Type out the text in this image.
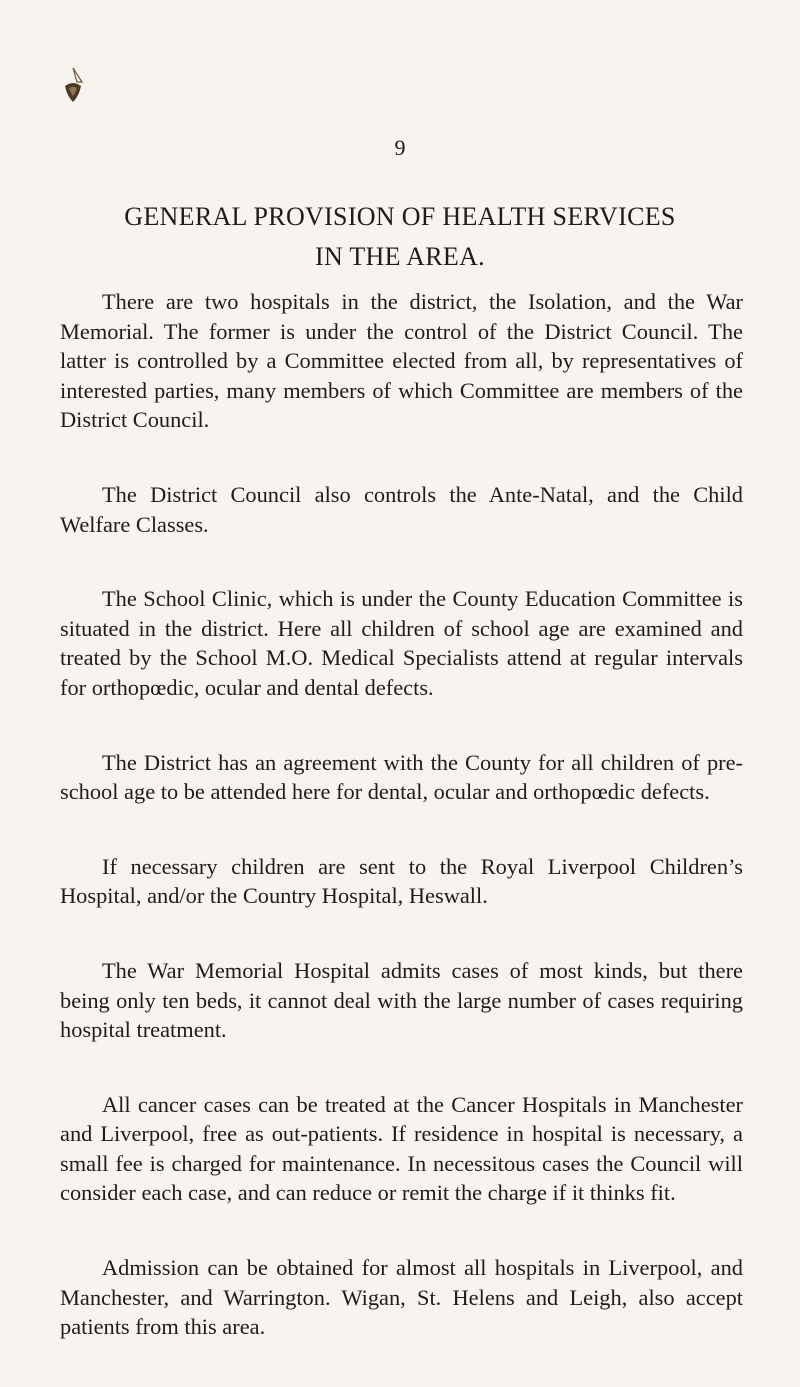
9
GENERAL PROVISION OF HEALTH SERVICES
IN THE AREA.

There are two hospitals in the district, the Isolation, and the War Memorial. The former is under the control of the District Council. The latter is controlled by a Committee elected from all, by representatives of interested parties, many members of which Committee are members of the District Council.

The District Council also controls the Ante-Natal, and the Child Welfare Classes.

The School Clinic, which is under the County Education Committee is situated in the district. Here all children of school age are examined and treated by the School M.O. Medical Specialists attend at regular intervals for orthopœdic, ocular and dental defects.

The District has an agreement with the County for all children of pre-school age to be attended here for dental, ocular and orthopœdic defects.

If necessary children are sent to the Royal Liverpool Children’s Hospital, and/or the Country Hospital, Heswall.

The War Memorial Hospital admits cases of most kinds, but there being only ten beds, it cannot deal with the large number of cases requiring hospital treatment.

All cancer cases can be treated at the Cancer Hospitals in Manchester and Liverpool, free as out-patients. If residence in hospital is necessary, a small fee is charged for maintenance. In necessitous cases the Council will consider each case, and can reduce or remit the charge if it thinks fit.

Admission can be obtained for almost all hospitals in Liverpool, and Manchester, and Warrington. Wigan, St. Helens and Leigh, also accept patients from this area.
